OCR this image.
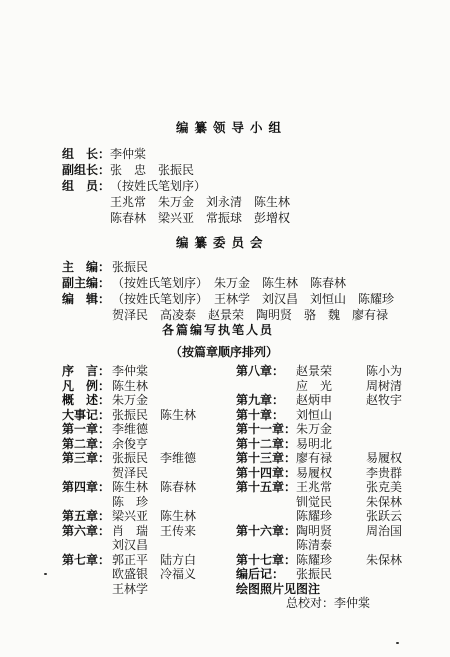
编纂领导小组
组　长： 李仲棠
副组长： 张　忠　张振民
组　员： （按姓氏笔划序）
王兆常　朱万金　刘永清　陈生林
陈春林　梁兴亚　常振球　彭增权
编纂委员会
主　编： 张振民
副主编： （按姓氏笔划序）　朱万金　陈生林　陈春林
编　辑： （按姓氏笔划序）　王林学　刘汉昌　刘恒山　陈耀珍
贺泽民　高凌泰　赵景荣　陶明贤　骆　魏　廖有禄
各篇编写执笔人员
（按篇章顺序排列）
序　言： 李仲棠
凡　例： 陈生林
概　述： 朱万金
大事记： 张振民 陈生林
第一章： 李维德
第二章： 余俊亨
第三章： 张振民 李维德
贺泽民
第四章： 陈生林 陈春林
陈　珍
第五章： 梁兴亚 陈生林
第六章： 肖　瑞 王传来
刘汉昌
第七章： 郭正平 陆方白
欧盛银 冷福义
王林学
第八章： 赵景荣	陈小为
应　光	周树清
第九章： 赵炳申	赵牧宇
第十章： 刘恒山
第十一章： 朱万金
第十二章： 易明北
第十三章： 廖有禄	易履权
第十四章： 易履权	李贵群
第十五章： 王兆常	张克美
钏觉民	朱保林
陈耀珍	张跃云
第十六章： 陶明贤	周治国
陈清泰
第十七章： 陈耀珍	朱保林
编后记： 张振民
绘图照片见图注
总校对：李仲棠
